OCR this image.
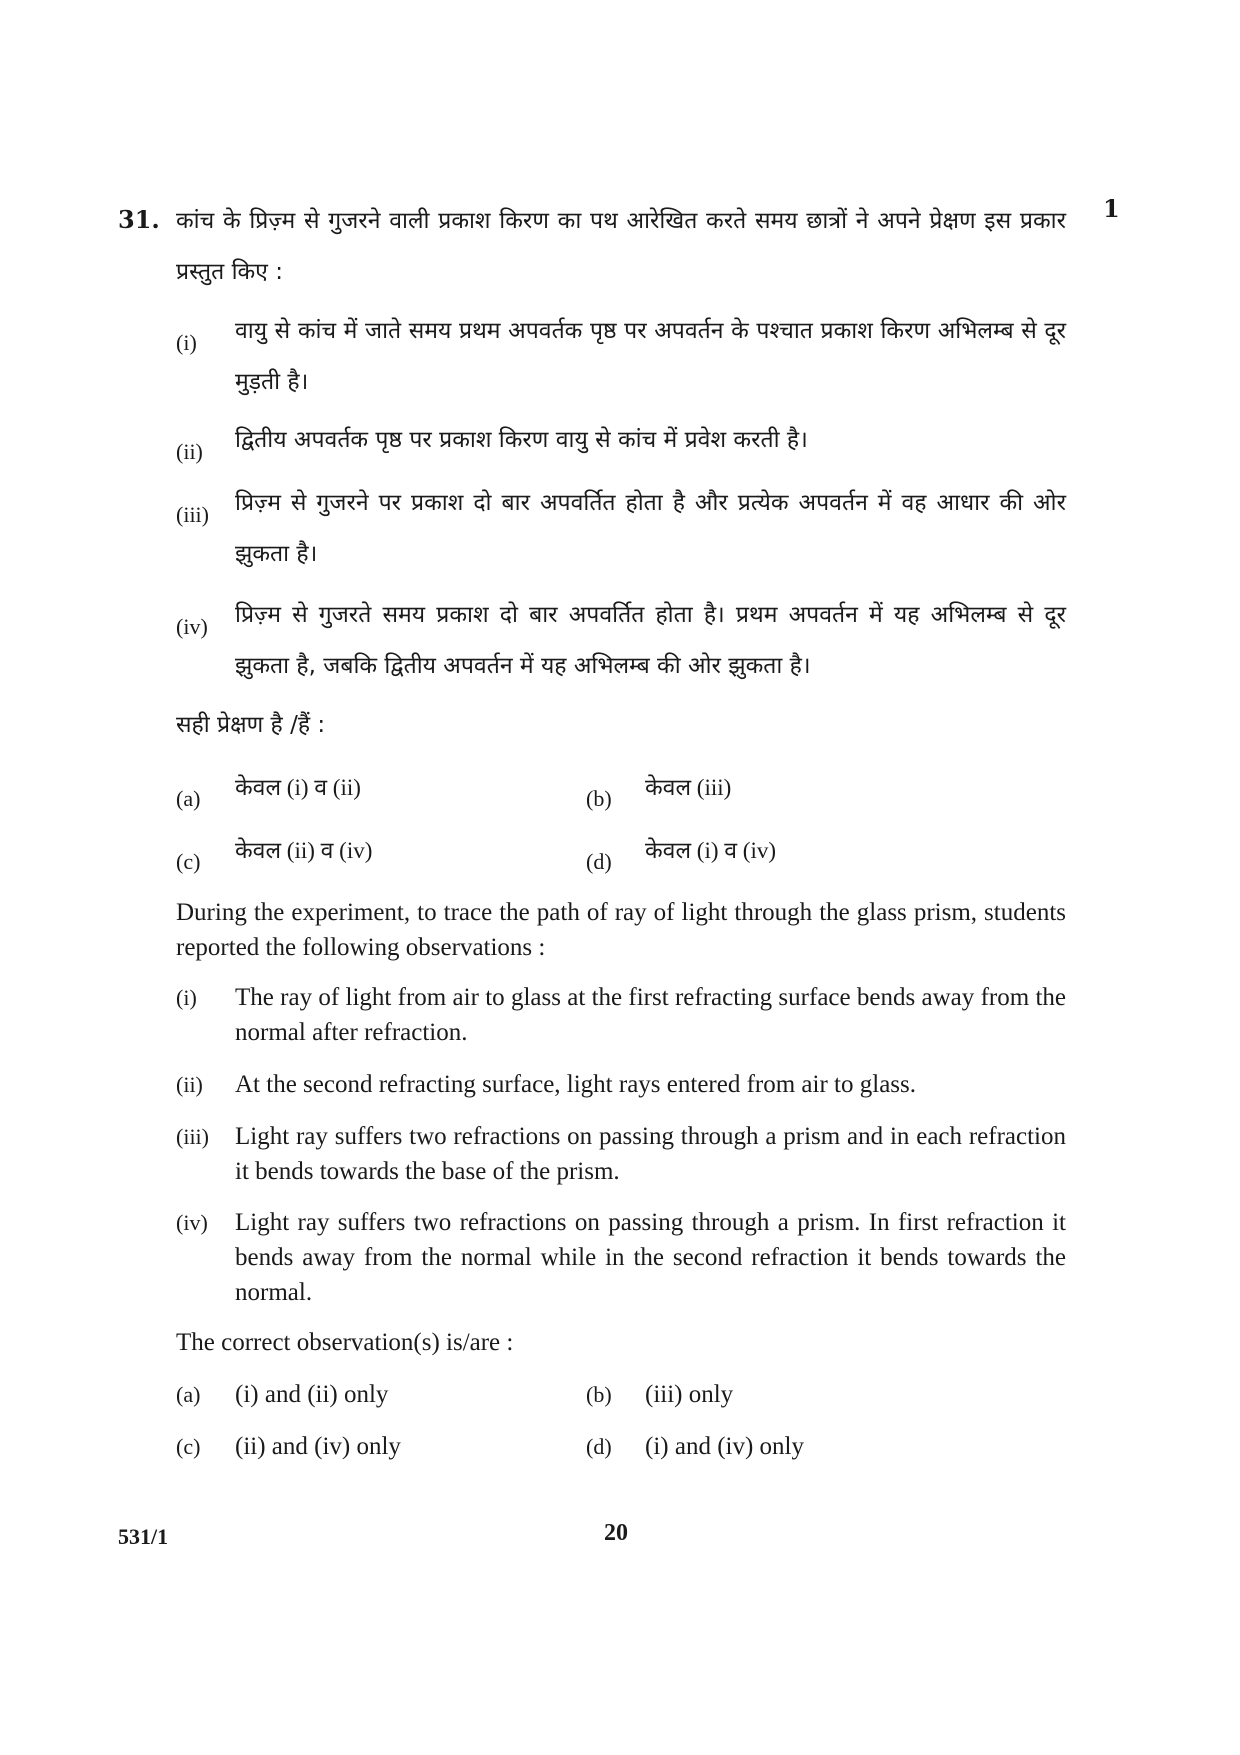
31.	1
कांच के प्रिज़्म से गुजरने वाली प्रकाश किरण का पथ आरेखित करते समय छात्रों ने अपने प्रेक्षण इस प्रकार प्रस्तुत किए :
(i) वायु से कांच में जाते समय प्रथम अपवर्तक पृष्ठ पर अपवर्तन के पश्चात प्रकाश किरण अभिलम्ब से दूर मुड़ती है।
(ii) द्वितीय अपवर्तक पृष्ठ पर प्रकाश किरण वायु से कांच में प्रवेश करती है।
(iii) प्रिज़्म से गुजरने पर प्रकाश दो बार अपवर्तित होता है और प्रत्येक अपवर्तन में वह आधार की ओर झुकता है।
(iv) प्रिज़्म से गुजरते समय प्रकाश दो बार अपवर्तित होता है। प्रथम अपवर्तन में यह अभिलम्ब से दूर झुकता है, जबकि द्वितीय अपवर्तन में यह अभिलम्ब की ओर झुकता है।
सही प्रेक्षण है /हैं :
(a) केवल (i) व (ii)	(b) केवल (iii)
(c) केवल (ii) व (iv)	(d) केवल (i) व (iv)
During the experiment, to trace the path of ray of light through the glass prism, students reported the following observations :
(i) The ray of light from air to glass at the first refracting surface bends away from the normal after refraction.
(ii) At the second refracting surface, light rays entered from air to glass.
(iii) Light ray suffers two refractions on passing through a prism and in each refraction it bends towards the base of the prism.
(iv) Light ray suffers two refractions on passing through a prism. In first refraction it bends away from the normal while in the second refraction it bends towards the normal.
The correct observation(s) is/are :
(a) (i) and (ii) only	(b) (iii) only
(c) (ii) and (iv) only	(d) (i) and (iv) only
531/1	20
